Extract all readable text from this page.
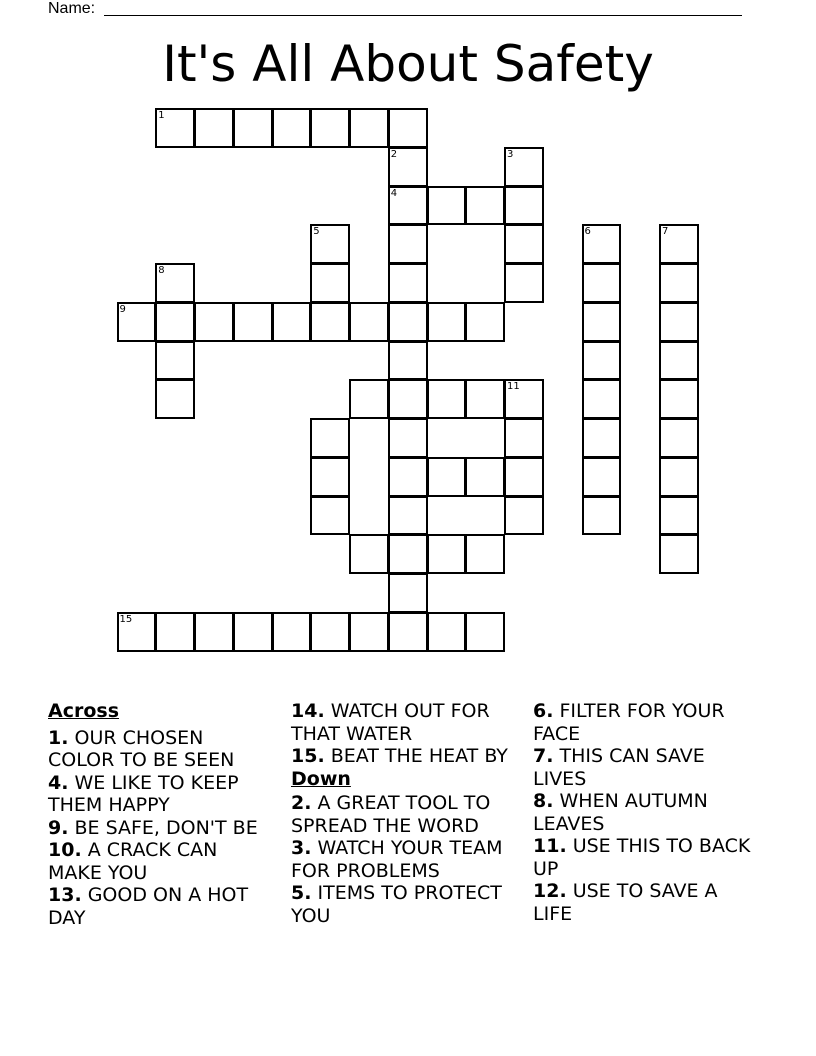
Name:
It's All About Safety
1
2	3
4
5	6	7
8
9
11
15
Across
1. OUR CHOSEN COLOR TO BE SEEN
4. WE LIKE TO KEEP THEM HAPPY
9. BE SAFE, DON'T BE
10. A CRACK CAN MAKE YOU
13. GOOD ON A HOT DAY
14. WATCH OUT FOR THAT WATER
15. BEAT THE HEAT BY
Down
2. A GREAT TOOL TO SPREAD THE WORD
3. WATCH YOUR TEAM FOR PROBLEMS
5. ITEMS TO PROTECT YOU
6. FILTER FOR YOUR FACE
7. THIS CAN SAVE LIVES
8. WHEN AUTUMN LEAVES
11. USE THIS TO BACK UP
12. USE TO SAVE A LIFE
